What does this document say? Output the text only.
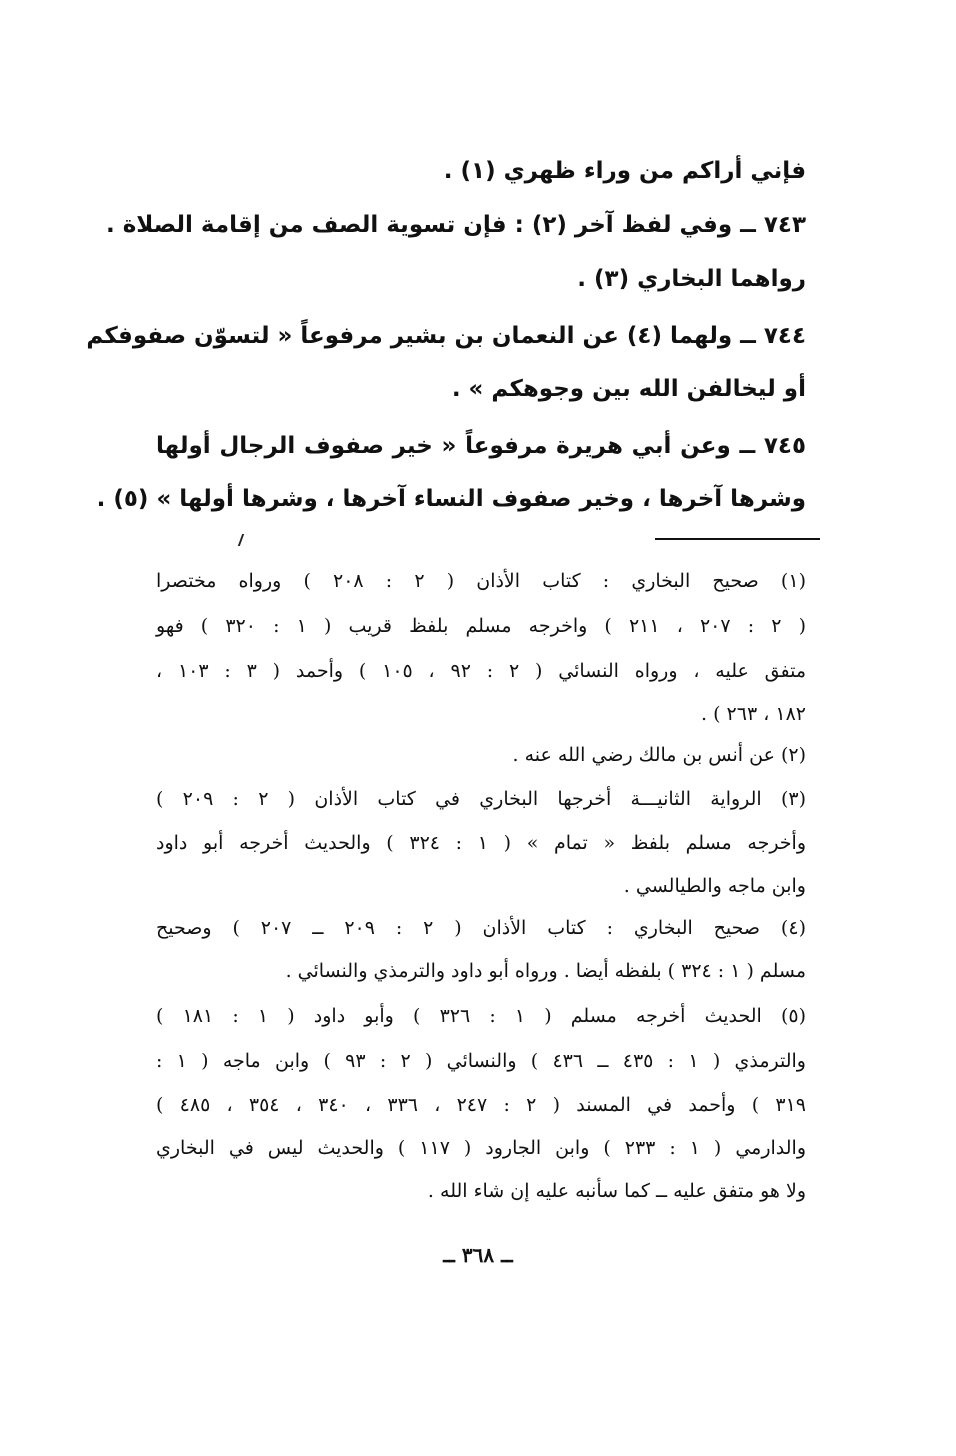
فإني أراكم من وراء ظهري (١) .
٧٤٣ ــ وفي لفظ آخر (٢) : فإن تسوية الصف من إقامة الصلاة .
رواهما البخاري (٣) .
٧٤٤ ــ ولهما (٤) عن النعمان بن بشير مرفوعاً « لتسوّن صفوفكم
أو ليخالفن الله بين وجوهكم » .
٧٤٥ ــ وعن أبي هريرة مرفوعاً « خير صفوف الرجال أولها
وشرها آخرها ، وخير صفوف النساء آخرها ، وشرها أولها » (٥) .
(١) صحيح البخاري : كتاب الأذان ( ٢ : ٢٠٨ ) ورواه مختصرا
( ٢ : ٢٠٧ ، ٢١١ ) واخرجه مسلم بلفظ قريب ( ١ : ٣٢٠ ) فهو
متفق عليه ، ورواه النسائي ( ٢ : ٩٢ ، ١٠٥ ) وأحمد ( ٣ : ١٠٣ ،
١٨٢ ، ٢٦٣ ) .
(٢) عن أنس بن مالك رضي الله عنه .
(٣) الرواية الثانيـــة أخرجها البخاري في كتاب الأذان ( ٢ : ٢٠٩ )
وأخرجه مسلم بلفظ « تمام » ( ١ : ٣٢٤ ) والحديث أخرجه أبو داود
وابن ماجه والطيالسي .
(٤) صحيح البخاري : كتاب الأذان ( ٢ : ٢٠٩ ــ ٢٠٧ ) وصحيح
مسلم ( ١ : ٣٢٤ ) بلفظه أيضا . ورواه أبو داود والترمذي والنسائي .
(٥) الحديث أخرجه مسلم ( ١ : ٣٢٦ ) وأبو داود ( ١ : ١٨١ )
والترمذي ( ١ : ٤٣٥ ــ ٤٣٦ ) والنسائي ( ٢ : ٩٣ ) وابن ماجه ( ١ :
٣١٩ ) وأحمد في المسند ( ٢ : ٢٤٧ ، ٣٣٦ ، ٣٤٠ ، ٣٥٤ ، ٤٨٥ )
والدارمي ( ١ : ٢٣٣ ) وابن الجارود ( ١١٧ ) والحديث ليس في البخاري
ولا هو متفق عليه ــ كما سأنبه عليه إن شاء الله .
ــ ٣٦٨ ــ
